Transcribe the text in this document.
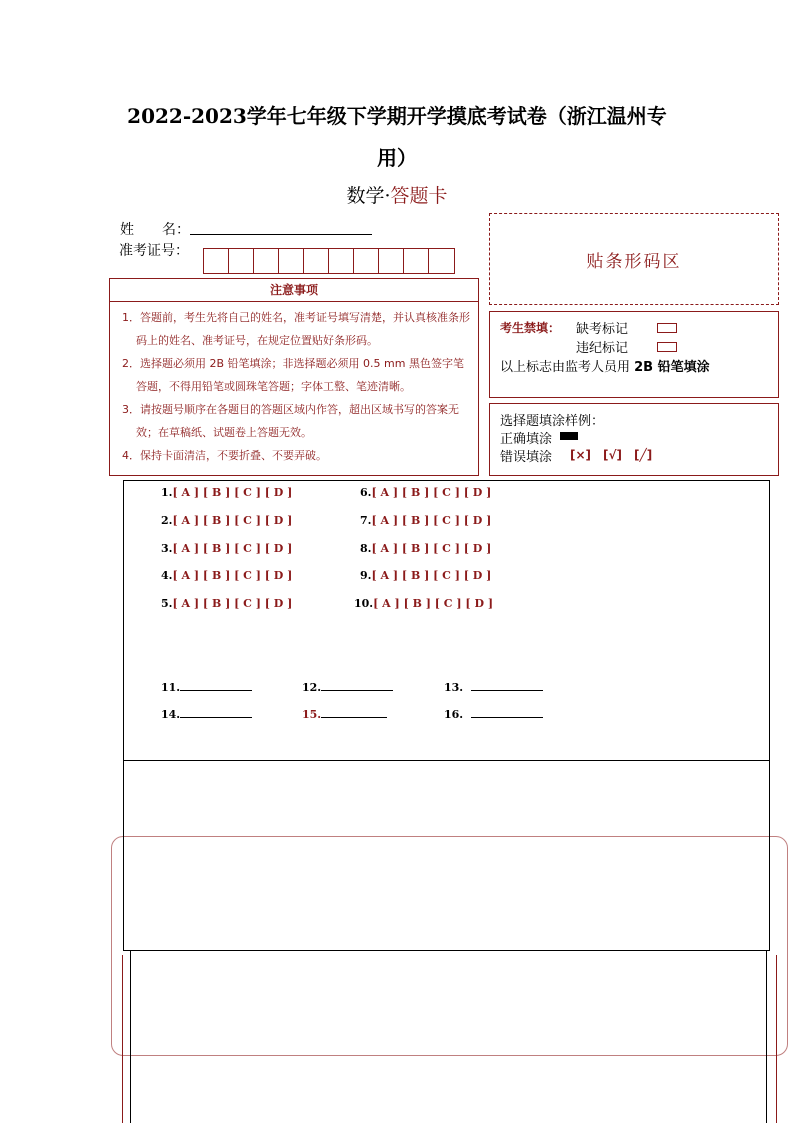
2022-2023学年七年级下学期开学摸底考试卷（浙江温州专
用）
数学·答题卡
姓　　名：
准考证号：
贴条形码区
注意事项
1．答题前，考生先将自己的姓名，准考证号填写清楚，并认真核准条形码上的姓名、准考证号，在规定位置贴好条形码。
2．选择题必须用 2B 铅笔填涂；非选择题必须用 0.5 mm 黑色签字笔答题，不得用铅笔或圆珠笔答题；字体工整、笔迹清晰。
3．请按题号顺序在各题目的答题区域内作答，超出区域书写的答案无效；在草稿纸、试题卷上答题无效。
4．保持卡面清洁，不要折叠、不要弄破。
考生禁填： 缺考标记
违纪标记
以上标志由监考人员用 2B 铅笔填涂
选择题填涂样例：
正确填涂
错误填涂 [×]　[√]　[╱]
1.[ A ] [ B ] [ C ] [ D ]
2.[ A ] [ B ] [ C ] [ D ]
3.[ A ] [ B ] [ C ] [ D ]
4.[ A ] [ B ] [ C ] [ D ]
5.[ A ] [ B ] [ C ] [ D ]
6.[ A ] [ B ] [ C ] [ D ]
7.[ A ] [ B ] [ C ] [ D ]
8.[ A ] [ B ] [ C ] [ D ]
9.[ A ] [ B ] [ C ] [ D ]
10.[ A ] [ B ] [ C ] [ D ]
11.	12.	13.
14.	15.	16.
